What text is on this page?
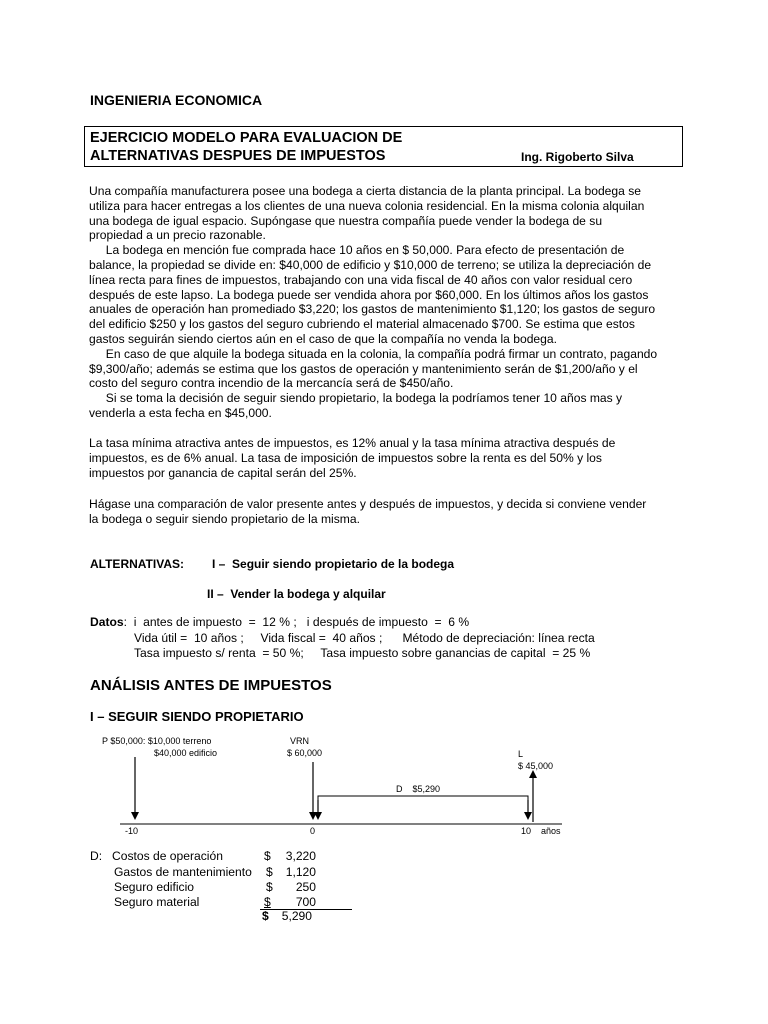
INGENIERIA ECONOMICA
EJERCICIO MODELO PARA EVALUACION DE
ALTERNATIVAS DESPUES DE IMPUESTOS	Ing. Rigoberto Silva

Una compañía manufacturera posee una bodega a cierta distancia de la planta principal. La bodega se
utiliza para hacer entregas a los clientes de una nueva colonia residencial. En la misma colonia alquilan
una bodega de igual espacio. Supóngase que nuestra compañía puede vender la bodega de su
propiedad a un precio razonable.
La bodega en mención fue comprada hace 10 años en $ 50,000. Para efecto de presentación de
balance, la propiedad se divide en: $40,000 de edificio y $10,000 de terreno; se utiliza la depreciación de
línea recta para fines de impuestos, trabajando con una vida fiscal de 40 años con valor residual cero
después de este lapso. La bodega puede ser vendida ahora por $60,000. En los últimos años los gastos
anuales de operación han promediado $3,220; los gastos de mantenimiento $1,120; los gastos de seguro
del edificio $250 y los gastos del seguro cubriendo el material almacenado $700. Se estima que estos
gastos seguirán siendo ciertos aún en el caso de que la compañía no venda la bodega.
En caso de que alquile la bodega situada en la colonia, la compañía podrá firmar un contrato, pagando
$9,300/año; además se estima que los gastos de operación y mantenimiento serán de $1,200/año y el
costo del seguro contra incendio de la mercancía será de $450/año.
Si se toma la decisión de seguir siendo propietario, la bodega la podríamos tener 10 años mas y
venderla a esta fecha en $45,000.

La tasa mínima atractiva antes de impuestos, es 12% anual y la tasa mínima atractiva después de
impuestos, es de 6% anual. La tasa de imposición de impuestos sobre la renta es del 50% y los
impuestos por ganancia de capital serán del 25%.

Hágase una comparación de valor presente antes y después de impuestos, y decida si conviene vender
la bodega o seguir siendo propietario de la misma.

ALTERNATIVAS: I –  Seguir siendo propietario de la bodega
II –  Vender la bodega y alquilar
Datos:  i  antes de impuesto  =  12 % ;   i después de impuesto  =  6 %
Vida útil =  10 años ;     Vida fiscal =  40 años ;      Método de depreciación: línea recta
Tasa impuesto s/ renta  = 50 %;     Tasa impuesto sobre ganancias de capital  = 25 %
ANÁLISIS ANTES DE IMPUESTOS
I – SEGUIR SIENDO PROPIETARIO
P $50,000: $10,000 terreno
$40,000 edificio
VRN
$ 60,000	L
$ 45,000
D    $5,290
-10	0	10 años
D: Costos de operación	$	3,220
Gastos de mantenimiento $	1,120
Seguro edificio	$	250
Seguro material	$	700
$	5,290
